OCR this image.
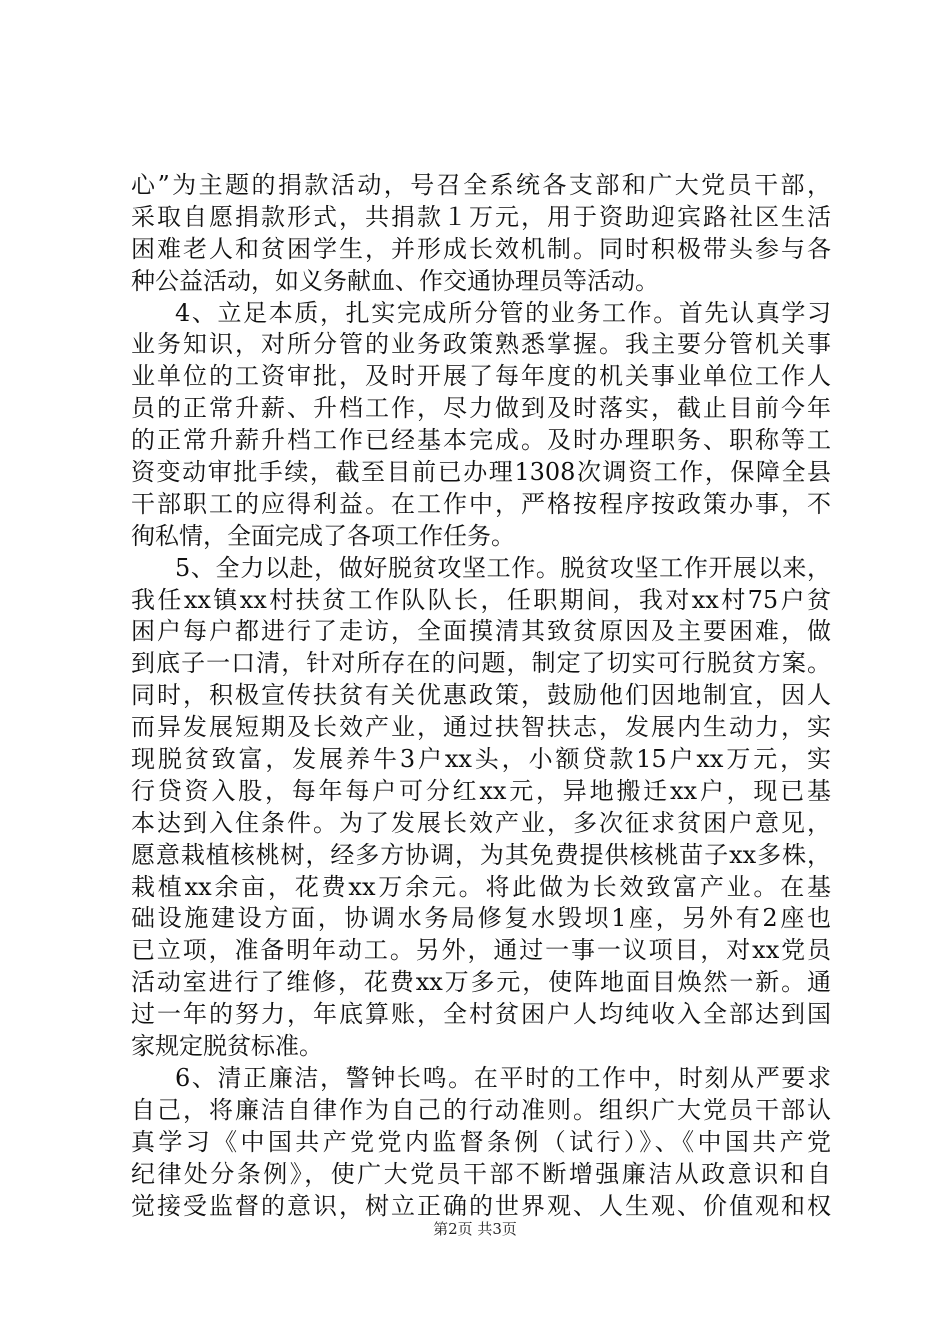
心”为主题的捐款活动，号召全系统各支部和广大党员干部，
采取自愿捐款形式，共捐款１万元，用于资助迎宾路社区生活
困难老人和贫困学生，并形成长效机制。同时积极带头参与各
种公益活动，如义务献血、作交通协理员等活动。
4、立足本质，扎实完成所分管的业务工作。首先认真学习
业务知识，对所分管的业务政策熟悉掌握。我主要分管机关事
业单位的工资审批，及时开展了每年度的机关事业单位工作人
员的正常升薪、升档工作，尽力做到及时落实，截止目前今年
的正常升薪升档工作已经基本完成。及时办理职务、职称等工
资变动审批手续，截至目前已办理1308次调资工作，保障全县
干部职工的应得利益。在工作中，严格按程序按政策办事，不
徇私情，全面完成了各项工作任务。
5、全力以赴，做好脱贫攻坚工作。脱贫攻坚工作开展以来，
我任xx镇xx村扶贫工作队队长，任职期间，我对xx村75户贫
困户每户都进行了走访，全面摸清其致贫原因及主要困难，做
到底子一口清，针对所存在的问题，制定了切实可行脱贫方案。
同时，积极宣传扶贫有关优惠政策，鼓励他们因地制宜，因人
而异发展短期及长效产业，通过扶智扶志，发展内生动力，实
现脱贫致富，发展养牛3户xx头，小额贷款15户xx万元，实
行贷资入股，每年每户可分红xx元，异地搬迁xx户，现已基
本达到入住条件。为了发展长效产业，多次征求贫困户意见，
愿意栽植核桃树，经多方协调，为其免费提供核桃苗子xx多株，
栽植xx余亩，花费xx万余元。将此做为长效致富产业。在基
础设施建设方面，协调水务局修复水毁坝1座，另外有2座也
已立项，准备明年动工。另外，通过一事一议项目，对xx党员
活动室进行了维修，花费xx万多元，使阵地面目焕然一新。通
过一年的努力，年底算账，全村贫困户人均纯收入全部达到国
家规定脱贫标准。
6、清正廉洁，警钟长鸣。在平时的工作中，时刻从严要求
自己，将廉洁自律作为自己的行动准则。组织广大党员干部认
真学习《中国共产党党内监督条例（试行）》、《中国共产党
纪律处分条例》，使广大党员干部不断增强廉洁从政意识和自
觉接受监督的意识，树立正确的世界观、人生观、价值观和权
第2页 共3页
